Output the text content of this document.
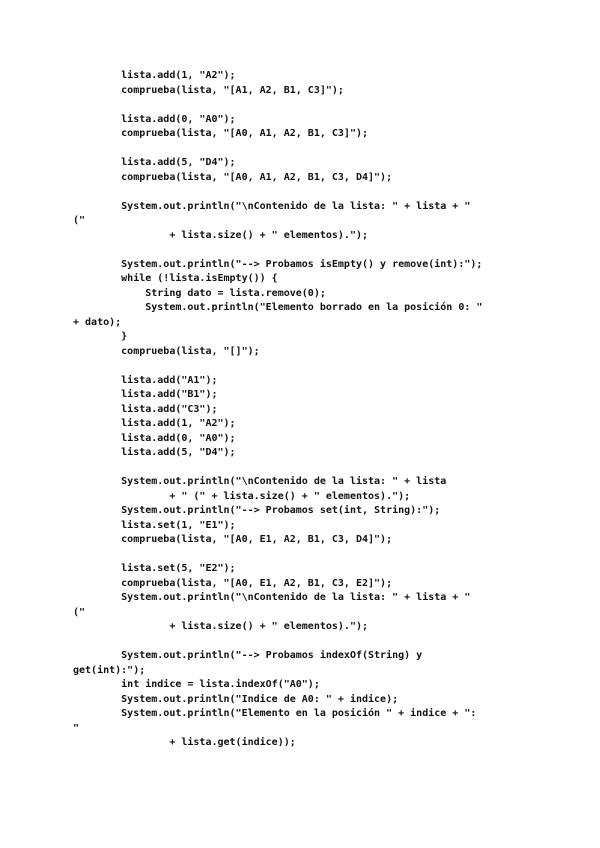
lista.add(1, "A2");
comprueba(lista, "[A1, A2, B1, C3]");
lista.add(0, "A0");
comprueba(lista, "[A0, A1, A2, B1, C3]");
lista.add(5, "D4");
comprueba(lista, "[A0, A1, A2, B1, C3, D4]");
System.out.println("\nContenido de la lista: " + lista + "
("
+ lista.size() + " elementos).");
System.out.println("--> Probamos isEmpty() y remove(int):");
while (!lista.isEmpty()) {
String dato = lista.remove(0);
System.out.println("Elemento borrado en la posición 0: "
+ dato);
}
comprueba(lista, "[]");
lista.add("A1");
lista.add("B1");
lista.add("C3");
lista.add(1, "A2");
lista.add(0, "A0");
lista.add(5, "D4");
System.out.println("\nContenido de la lista: " + lista
+ " (" + lista.size() + " elementos).");
System.out.println("--> Probamos set(int, String):");
lista.set(1, "E1");
comprueba(lista, "[A0, E1, A2, B1, C3, D4]");
lista.set(5, "E2");
comprueba(lista, "[A0, E1, A2, B1, C3, E2]");
System.out.println("\nContenido de la lista: " + lista + "
("
+ lista.size() + " elementos).");
System.out.println("--> Probamos indexOf(String) y
get(int):");
int indice = lista.indexOf("A0");
System.out.println("Indice de A0: " + indice);
System.out.println("Elemento en la posición " + indice + ":
"
+ lista.get(indice));
